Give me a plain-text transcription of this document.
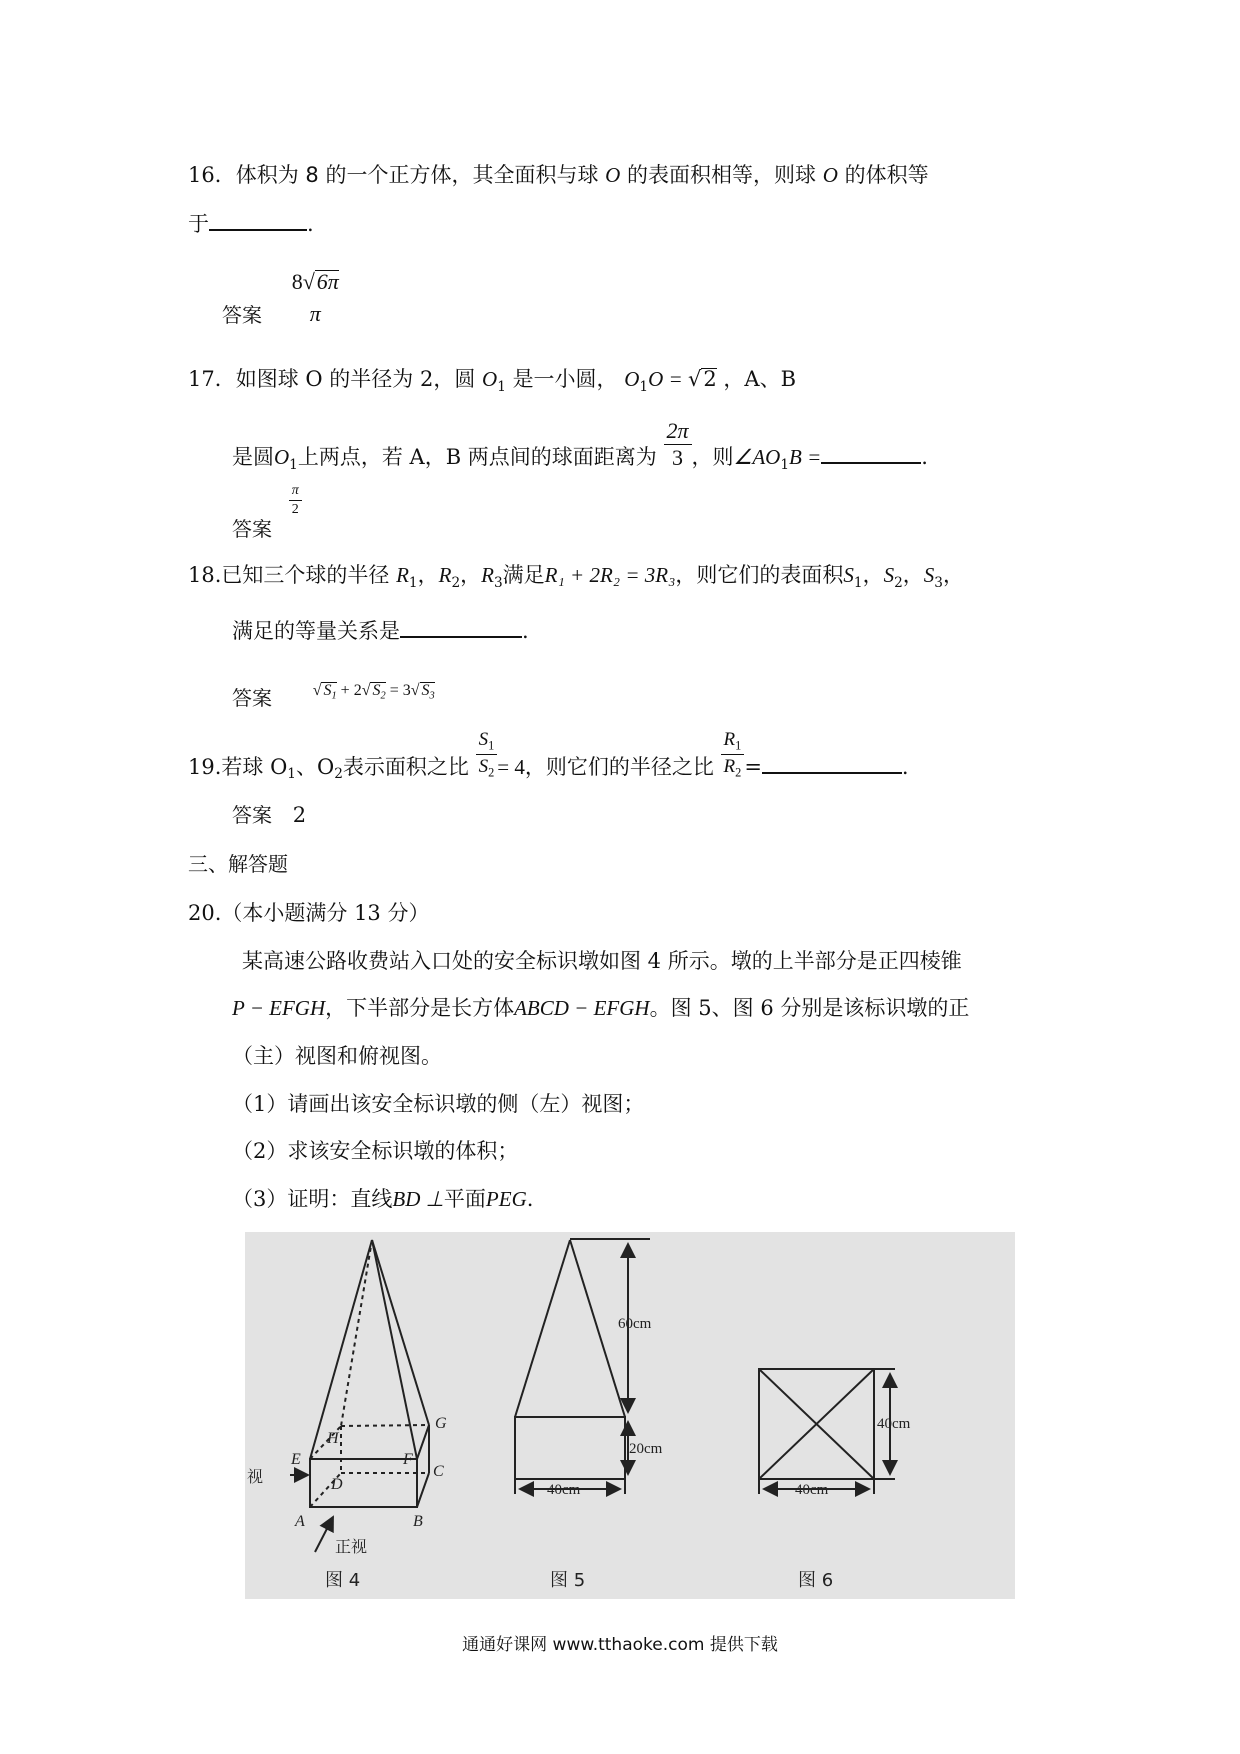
16．体积为 8 的一个正方体，其全面积与球 O 的表面积相等，则球 O 的体积等
于	.
答案
8√6π
π
17．如图球 O 的半径为 2，圆 $O_1$ 是一小圆， $O_1O = √2$ ，A、B
是圆$O_1$上两点，若 A，B 两点间的球面距离为 $\frac{2\pi}{3}$ ，则$\angle AO_1B$ =	.
答案
$\frac{\pi}{2}$
18.已知三个球的半径 $R_1$，$R_2$，$R_3$满足R₁ + 2R₂ = 3R₃，则它们的表面积$S_1$，$S_2$，$S_3$，
满足的等量关系是	.
答案	√ $S_1 + 2√$ $S_2 = 3√$ $S_3$
19.若球 $O_1$、$O_2$表示面积之比 $\frac{S_1}{S_2} = 4$，则它们的半径之比 $\frac{R_1}{R_2}$ =	.
答案 2
三、解答题
20.（本小题满分 13 分）
某高速公路收费站入口处的安全标识墩如图 4 所示。墩的上半部分是正四棱锥
P − EFGH，下半部分是长方体ABCD − EFGH。图 5、图 6 分别是该标识墩的正
（主）视图和俯视图。
（1）请画出该安全标识墩的侧（左）视图；
（2）求该安全标识墩的体积；
（3）证明：直线BD ⊥平面PEG.
H
G
E	F
C
D
A	B
视
正视
图 4
60cm
20cm
40cm
图 5
40cm
40cm
图 6
通通好课网 www.tthaoke.com 提供下载
